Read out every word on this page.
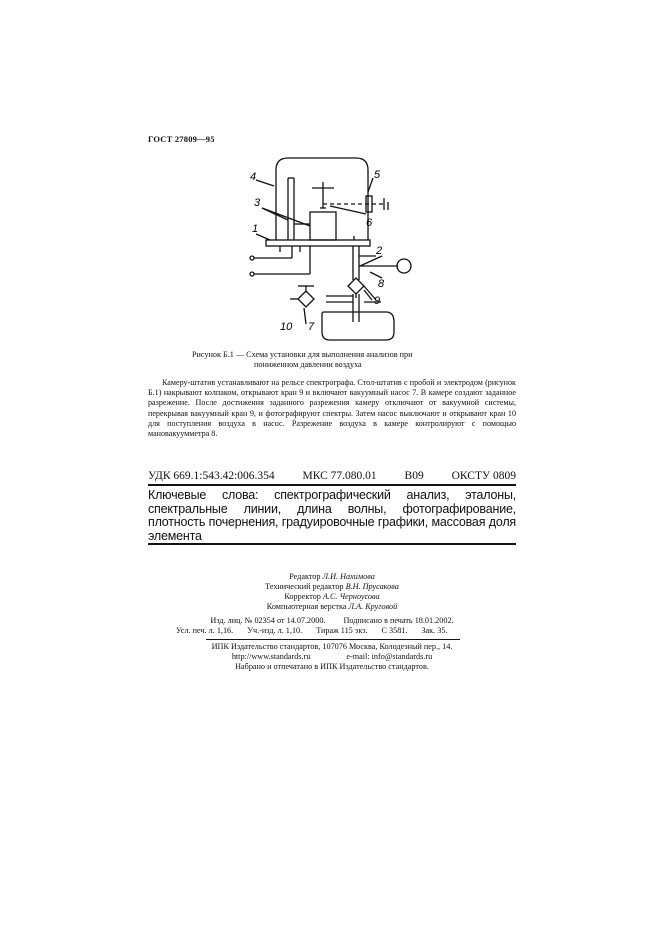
ГОСТ 27809—95
4	5
3
6
1
2
8
9
10 7
Рисунок Б.1 — Схема установки для выполнения анализов при
пониженном давлении воздуха
Камеру-штатив устанавливают на рельсе спектрографа. Стол-штатив с пробой и электродом (рисунок Б.1) накрывают колпаком, открывают кран 9 и включают вакуумный насос 7. В камере создают заданное разрежение. После достижения заданного разрежения камеру отключают от вакуумной системы, перекрывая вакуумный кран 9, и фотографируют спектры. Затем насос выключают и открывают кран 10 для поступления воздуха в насос. Разрежение воздуха в камере контролируют с помощью мановакуумметра 8.
УДК 669.1:543.42:006.354 МКС 77.080.01 В09 ОКСТУ 0809
Ключевые слова: спектрографический анализ, эталоны, спектральные линии, длина волны, фотографирование, плотность почернения, градуировочные графики, массовая доля элемента
Редактор Л.И. Нахимова
Технический редактор В.Н. Прусакова
Корректор А.С. Черноусова
Компьютерная верстка Л.А. Круговой
Изд. лиц. № 02354 от 14.07.2000. Подписано в печать 18.01.2002.
Усл. печ. л. 1,16. Уч.-изд. л. 1,10. Тираж 115 экз. С 3581. Зак. 35.
ИПК Издательство стандартов, 107076 Москва, Колодезный пер., 14.
http://www.standards.ru	e-mail: info@standards.ru
Набрано и отпечатано в ИПК Издательство стандартов.
